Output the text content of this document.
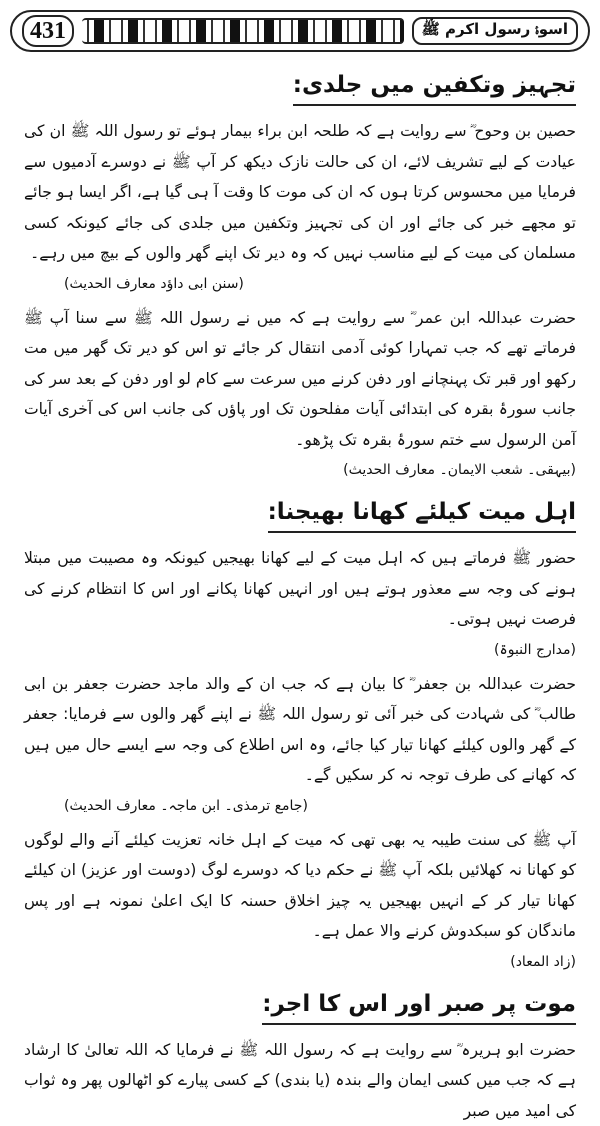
431	اسوۂ رسول اکرم ﷺ
تجہیز وتکفین میں جلدی:

حصین بن وحوح ؓ سے روایت ہے کہ طلحہ ابن براء بیمار ہوئے تو رسول اللہ ﷺ ان کی عیادت کے لیے تشریف لائے، ان کی حالت نازک دیکھ کر آپ ﷺ نے دوسرے آدمیوں سے فرمایا میں محسوس کرتا ہوں کہ ان کی موت کا وقت آ ہی گیا ہے، اگر ایسا ہو جائے تو مجھے خبر کی جائے اور ان کی تجہیز وتکفین میں جلدی کی جائے کیونکہ کسی مسلمان کی میت کے لیے مناسب نہیں کہ وہ دیر تک اپنے گھر والوں کے بیچ میں رہے۔

(سنن ابی داؤد معارف الحدیث)

حضرت عبداللہ ابن عمر ؓ سے روایت ہے کہ میں نے رسول اللہ ﷺ سے سنا آپ ﷺ فرماتے تھے کہ جب تمہارا کوئی آدمی انتقال کر جائے تو اس کو دیر تک گھر میں مت رکھو اور قبر تک پہنچانے اور دفن کرنے میں سرعت سے کام لو اور دفن کے بعد سر کی جانب سورۂ بقرہ کی ابتدائی آیات مفلحون تک اور پاؤں کی جانب اس کی آخری آیات آمن الرسول سے ختم سورۂ بقرہ تک پڑھو۔

(بیہقی۔ شعب الایمان۔ معارف الحدیث)
اہل میت کیلئے کھانا بھیجنا:

حضور ﷺ فرماتے ہیں کہ اہل میت کے لیے کھانا بھیجیں کیونکہ وہ مصیبت میں مبتلا ہونے کی وجہ سے معذور ہوتے ہیں اور انہیں کھانا پکانے اور اس کا انتظام کرنے کی فرصت نہیں ہوتی۔

(مدارج النبوۃ)

حضرت عبداللہ بن جعفر ؓ کا بیان ہے کہ جب ان کے والد ماجد حضرت جعفر بن ابی طالب ؓ کی شہادت کی خبر آئی تو رسول اللہ ﷺ نے اپنے گھر والوں سے فرمایا: جعفر کے گھر والوں کیلئے کھانا تیار کیا جائے، وہ اس اطلاع کی وجہ سے ایسے حال میں ہیں کہ کھانے کی طرف توجہ نہ کر سکیں گے۔

(جامع ترمذی۔ ابن ماجہ۔ معارف الحدیث)

آپ ﷺ کی سنت طیبہ یہ بھی تھی کہ میت کے اہل خانہ تعزیت کیلئے آنے والے لوگوں کو کھانا نہ کھلائیں بلکہ آپ ﷺ نے حکم دیا کہ دوسرے لوگ (دوست اور عزیز) ان کیلئے کھانا تیار کر کے انہیں بھیجیں یہ چیز اخلاق حسنہ کا ایک اعلیٰ نمونہ ہے اور پس ماندگان کو سبکدوش کرنے والا عمل ہے۔

(زاد المعاد)
موت پر صبر اور اس کا اجر:

حضرت ابو ہریرہ ؓ سے روایت ہے کہ رسول اللہ ﷺ نے فرمایا کہ اللہ تعالیٰ کا ارشاد ہے کہ جب میں کسی ایمان والے بندہ (یا بندی) کے کسی پیارے کو اٹھالوں پھر وہ ثواب کی امید میں صبر
